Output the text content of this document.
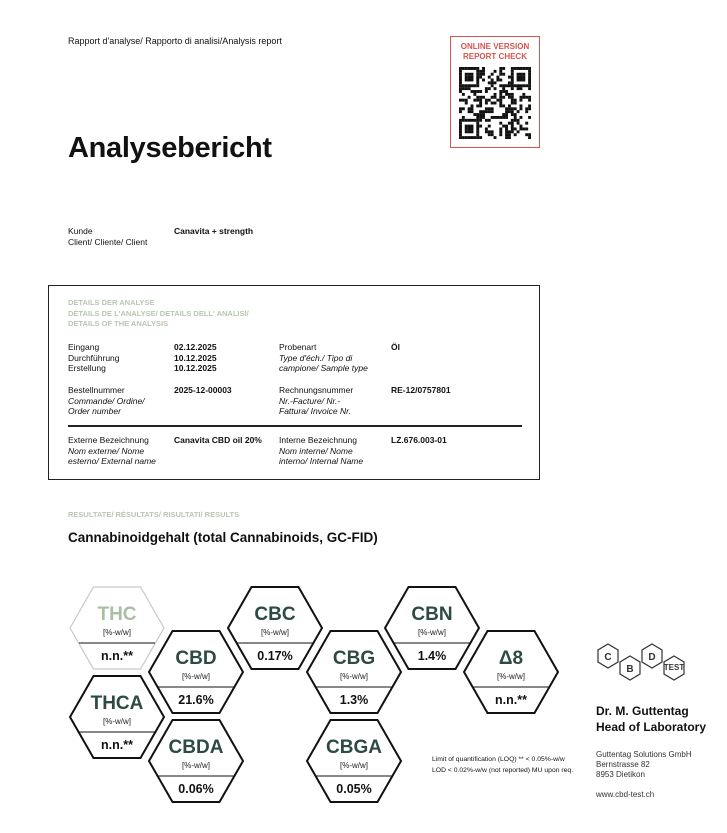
Rapport d'analyse/ Rapporto di analisi/Analysis report
ONLINE VERSION
REPORT CHECK
Analysebericht
Kunde
Client/ Cliente/ Client
Canavita + strength
DETAILS DER ANALYSE
DÉTAILS DE L'ANALYSE/ DETAILS DELL' ANALISI/
DETAILS OF THE ANALYSIS
Eingang
Durchführung
Erstellung
02.12.2025
10.12.2025
10.12.2025
Probenart
Type d'éch./ Tipo di
campione/ Sample type
Öl
Bestellnummer
Commande/ Ordine/
Order number
2025-12-00003	Rechnungsnummer
Nr.-Facture/ Nr.-
Fattura/ Invoice Nr.
RE-12/0757801
Externe Bezeichnung
Nom externe/ Nome
esterno/ External name
Canavita CBD oil 20% Interne Bezeichnung
Nom interne/ Nome
interno/ Internal Name
LZ.676.003-01
RESULTATE/ RÉSULTATS/ RISULTATI/ RESULTS
Cannabinoidgehalt (total Cannabinoids, GC-FID)
THC
[%-w/w]
n.n.**
CBC
[%-w/w]
0.17%
CBN
[%-w/w]
1.4%
CBD
[%-w/w]
21.6%
CBG
[%-w/w]
1.3%
Δ8
[%-w/w]
n.n.**
THCA
[%-w/w]
n.n.** CBDA
[%-w/w]
0.06%
CBGA
[%-w/w]
0.05%
Limit of quantification (LOQ) ** < 0.05%-w/w
LOD < 0.02%-w/w (not reported) MU upon req.
C
B
D
TEST
Dr. M. Guttentag
Head of Laboratory
Guttentag Solutions GmbH
Bernstrasse 82
8953 Dietikon
www.cbd-test.ch
